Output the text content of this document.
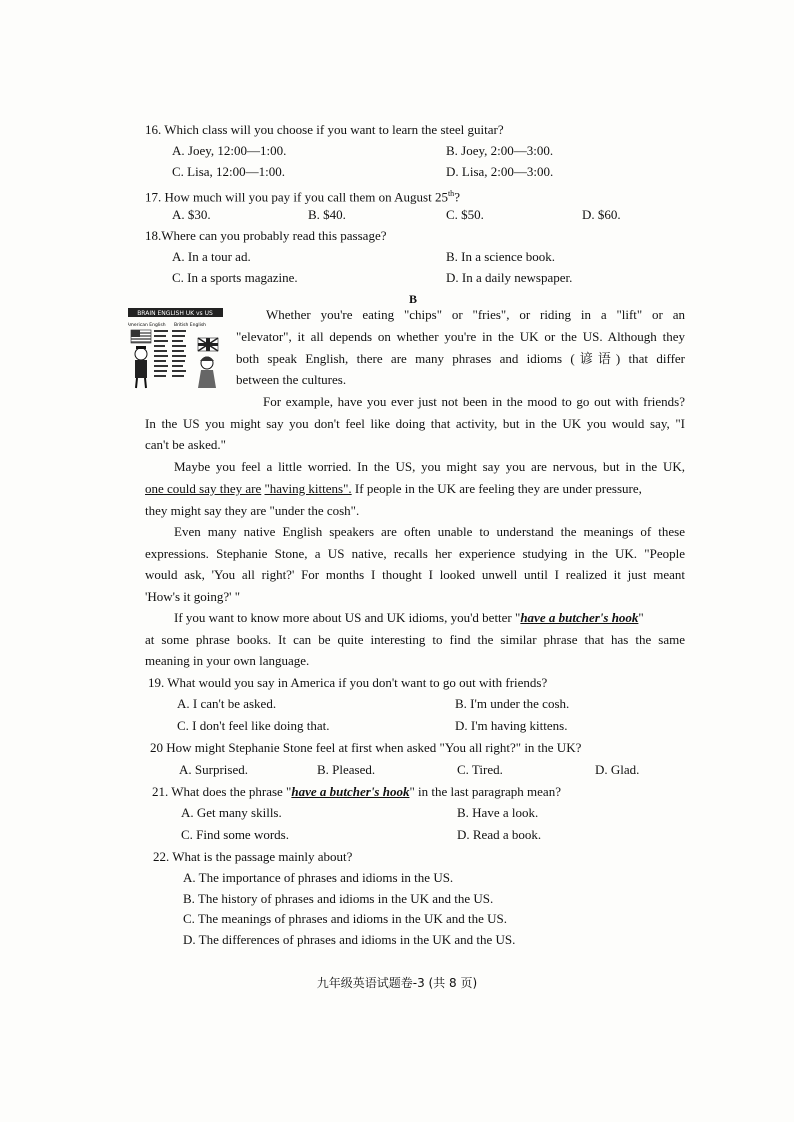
16. Which class will you choose if you want to learn the steel guitar?
A. Joey, 12:00—1:00.	B. Joey, 2:00—3:00.
C. Lisa, 12:00—1:00.	D. Lisa, 2:00—3:00.
17. How much will you pay if you call them on August 25th?
A. $30.	B. $40.	C. $50.	D. $60.
18.Where can you probably read this passage?
A. In a tour ad.	B. In a science book.
C. In a sports magazine.	D. In a daily newspaper.
B
BRAIN ENGLISH UK vs US
American English British English
Whether you're eating "chips" or "fries", or riding in a "lift" or an
"elevator", it all depends on whether you're in the UK or the US. Although they
both speak English, there are many phrases and idioms (谚语) that differ
between the cultures.
For example, have you ever just not been in the mood to go out with friends?
In the US you might say you don't feel like doing that activity, but in the UK you would say, "I
can't be asked."
Maybe you feel a little worried. In the US, you might say you are nervous, but in the UK,
one could say they are "having kittens". If people in the UK are feeling they are under pressure,
they might say they are "under the cosh".
Even many native English speakers are often unable to understand the meanings of these
expressions. Stephanie Stone, a US native, recalls her experience studying in the UK. "People
would ask, 'You all right?' For months I thought I looked unwell until I realized it just meant
'How's it going?' "
If you want to know more about US and UK idioms, you'd better "have a butcher's hook"
at some phrase books. It can be quite interesting to find the similar phrase that has the same
meaning in your own language.
19. What would you say in America if you don't want to go out with friends?
A. I can't be asked.	B. I'm under the cosh.
C. I don't feel like doing that.	D. I'm having kittens.
20 How might Stephanie Stone feel at first when asked "You all right?" in the UK?
A. Surprised.	B. Pleased.	C. Tired.	D. Glad.
21. What does the phrase "have a butcher's hook" in the last paragraph mean?
A. Get many skills.	B. Have a look.
C. Find some words.	D. Read a book.
22. What is the passage mainly about?
A. The importance of phrases and idioms in the US.
B. The history of phrases and idioms in the UK and the US.
C. The meanings of phrases and idioms in the UK and the US.
D. The differences of phrases and idioms in the UK and the US.
九年级英语试题卷-3 (共 8 页)
